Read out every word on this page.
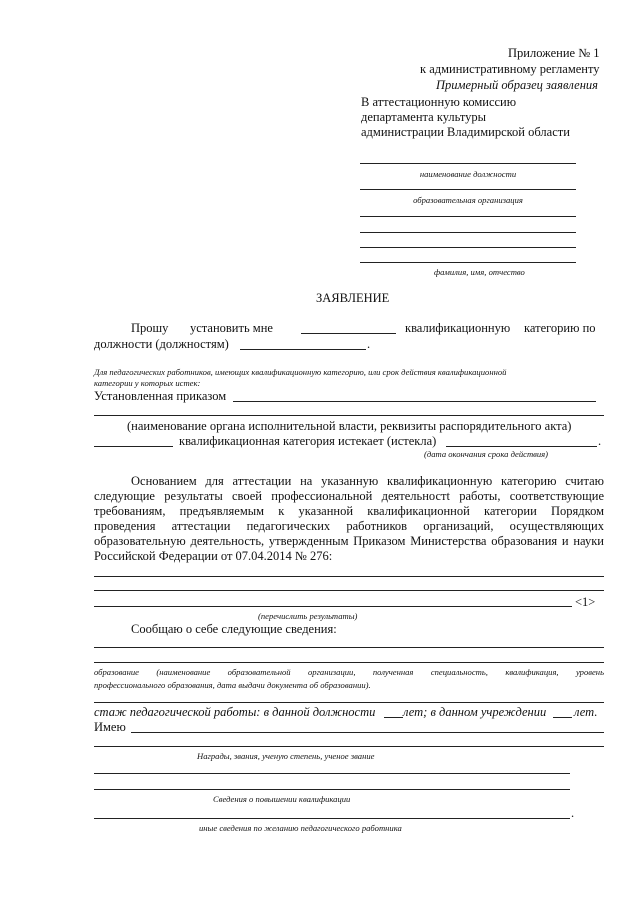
Приложение № 1
к административному регламенту
Примерный образец заявления
В аттестационную комиссию
департамента культуры
администрации Владимирской области
наименование должности
образовательная организация
фамилия, имя, отчество
ЗАЯВЛЕНИЕ
Прошу установить мне	квалификационную категорию по
должности (должностям)	.
Для педагогических работников, имеющих квалификационную категорию, или срок действия квалификационной
категории у которых истек:
Установленная приказом
(наименование органа исполнительной власти, реквизиты распорядительного акта)
квалификационная категория истекает (истекла)	.
(дата окончания срока действия)
Основанием для аттестации на указанную квалификационную категорию считаю
следующие результаты своей профессиональной деятельностt работы, соответствующие
требованиям, предъявляемым к указанной квалификационной категории Порядком
проведения аттестации педагогических работников организаций, осуществляющих
образовательную деятельность, утвержденным Приказом Министерства образования и науки
Российской Федерации от 07.04.2014 № 276:
<1>
(перечислить результаты)
Сообщаю о себе следующие сведения:
образование (наименование образовательной организации, полученная специальность, квалификация, уровень
профессионального образования, дата выдачи документа об образовании).
стаж педагогической работы: в данной должности лет; в данном учреждении лет.
Имею
Награды, звания, ученую степень, ученое звание
Сведения о повышении квалификации
.
иные сведения по желанию педагогического работника
